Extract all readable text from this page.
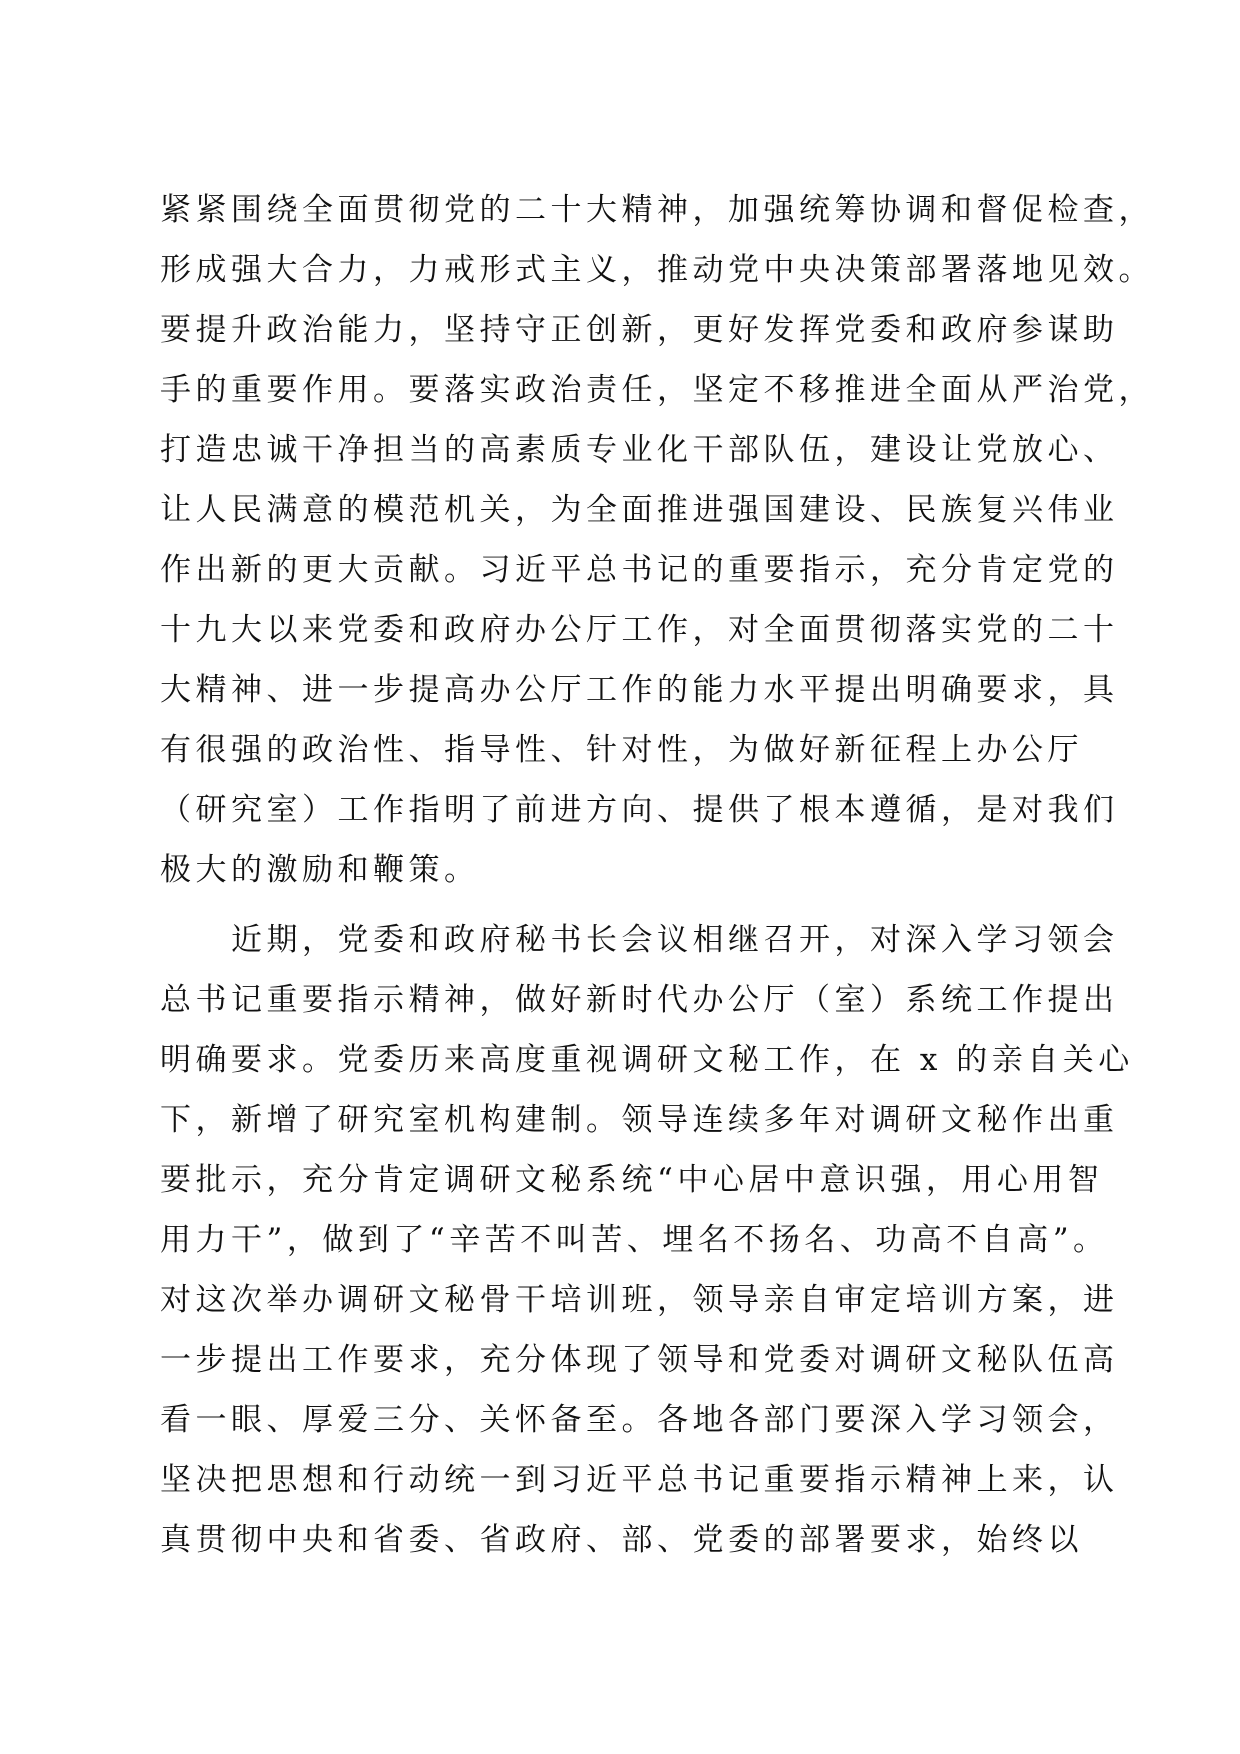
紧紧围绕全面贯彻党的二十大精神，加强统筹协调和督促检查，
形成强大合力，力戒形式主义，推动党中央决策部署落地见效。
要提升政治能力，坚持守正创新，更好发挥党委和政府参谋助
手的重要作用。要落实政治责任，坚定不移推进全面从严治党，
打造忠诚干净担当的高素质专业化干部队伍，建设让党放心、
让人民满意的模范机关，为全面推进强国建设、民族复兴伟业
作出新的更大贡献。习近平总书记的重要指示，充分肯定党的
十九大以来党委和政府办公厅工作，对全面贯彻落实党的二十
大精神、进一步提高办公厅工作的能力水平提出明确要求，具
有很强的政治性、指导性、针对性，为做好新征程上办公厅
（研究室）工作指明了前进方向、提供了根本遵循，是对我们
极大的激励和鞭策。
　　近期，党委和政府秘书长会议相继召开，对深入学习领会
总书记重要指示精神，做好新时代办公厅（室）系统工作提出
明确要求。党委历来高度重视调研文秘工作，在 x 的亲自关心
下，新增了研究室机构建制。领导连续多年对调研文秘作出重
要批示，充分肯定调研文秘系统“中心居中意识强，用心用智
用力干”，做到了“辛苦不叫苦、埋名不扬名、功高不自高”。
对这次举办调研文秘骨干培训班，领导亲自审定培训方案，进
一步提出工作要求，充分体现了领导和党委对调研文秘队伍高
看一眼、厚爱三分、关怀备至。各地各部门要深入学习领会，
坚决把思想和行动统一到习近平总书记重要指示精神上来，认
真贯彻中央和省委、省政府、部、党委的部署要求，始终以
